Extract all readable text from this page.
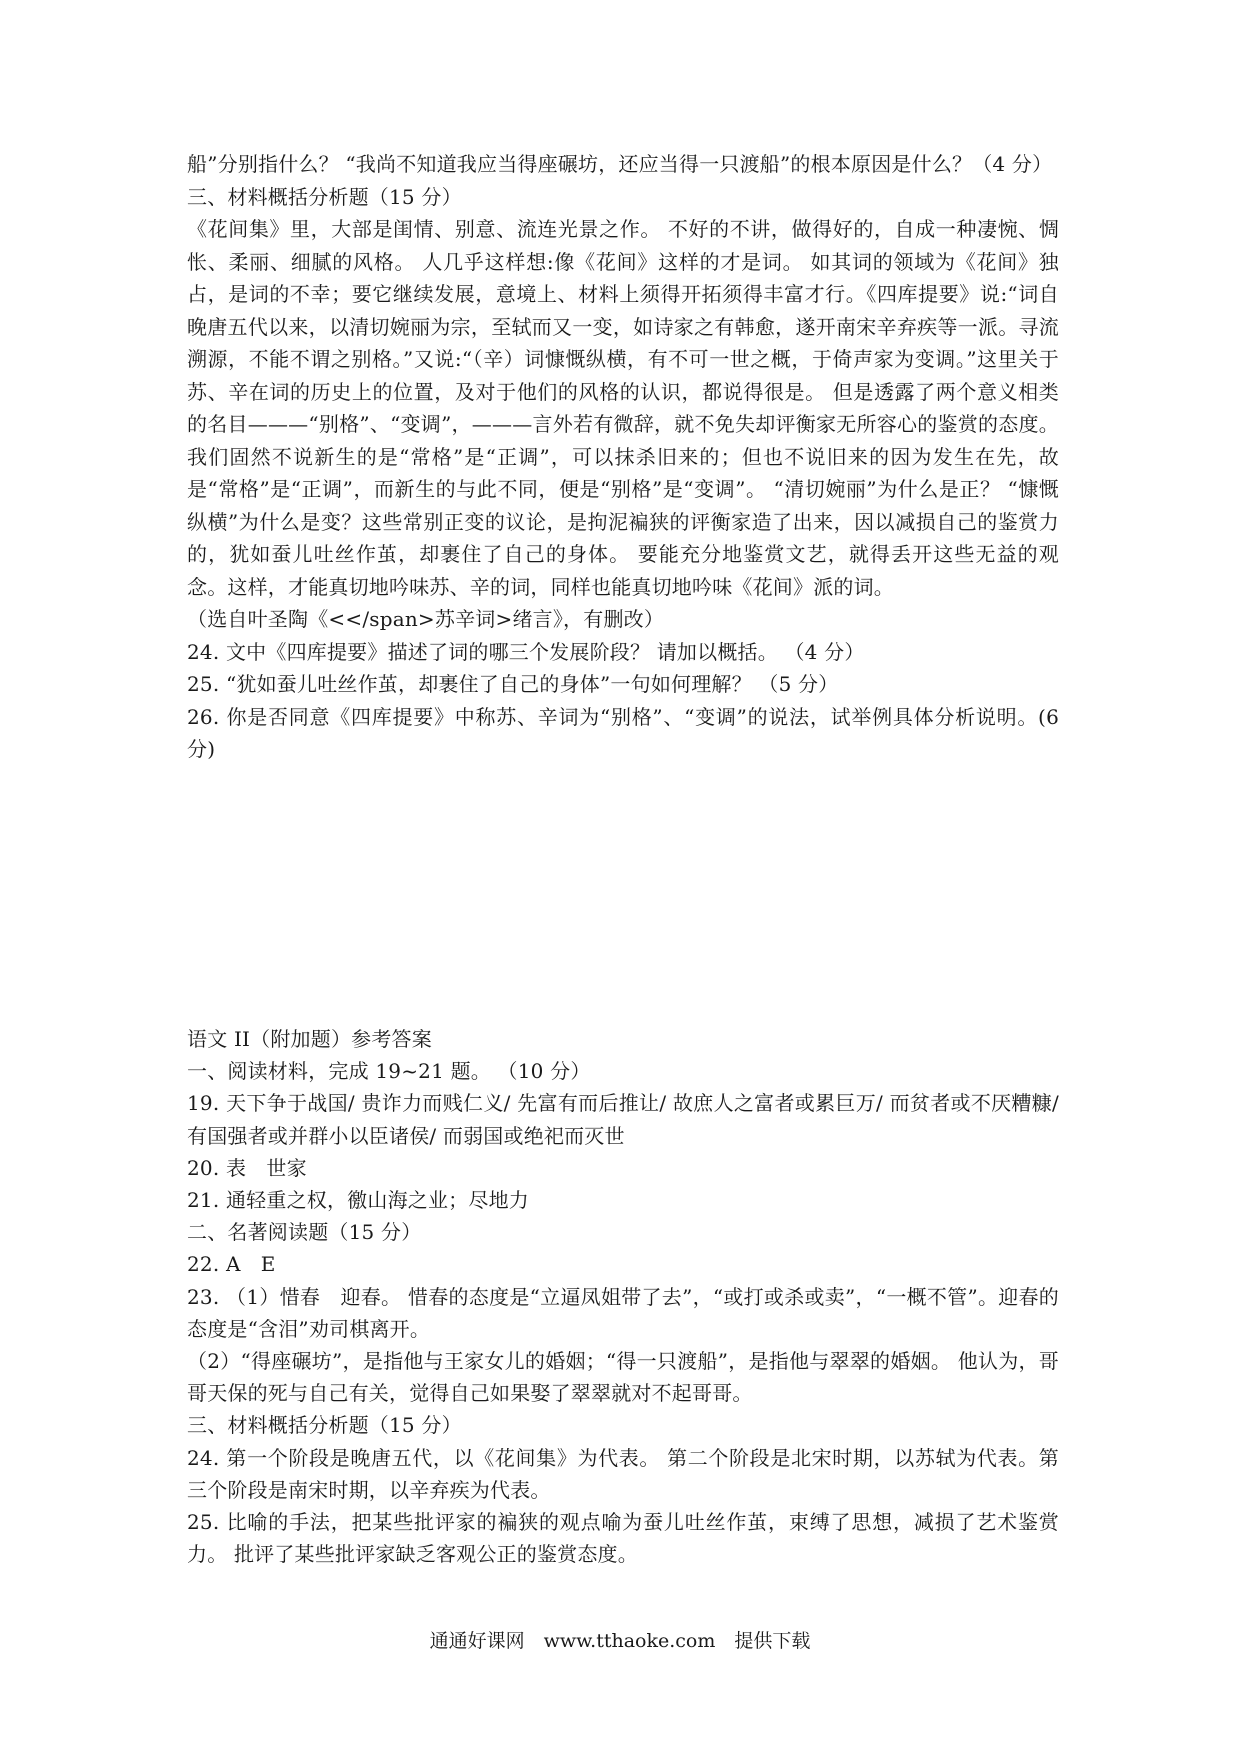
船”分别指什么？ “我尚不知道我应当得座碾坊，还应当得一只渡船”的根本原因是什么？（4 分）

三、材料概括分析题（15 分）

《花间集》里，大部是闺情、别意、流连光景之作。 不好的不讲，做得好的，自成一种凄惋、惆怅、柔丽、细腻的风格。 人几乎这样想:像《花间》这样的才是词。 如其词的领域为《花间》独占，是词的不幸；要它继续发展，意境上、材料上须得开拓须得丰富才行。《四库提要》说:“词自晚唐五代以来，以清切婉丽为宗，至轼而又一变，如诗家之有韩愈，遂开南宋辛弃疾等一派。寻流溯源，不能不谓之别格。”又说:“（辛）词慷慨纵横，有不可一世之概，于倚声家为变调。”这里关于苏、辛在词的历史上的位置，及对于他们的风格的认识，都说得很是。 但是透露了两个意义相类的名目———“别格”、“变调”，———言外若有微辞，就不免失却评衡家无所容心的鉴赏的态度。 我们固然不说新生的是“常格”是“正调”，可以抹杀旧来的；但也不说旧来的因为发生在先，故是“常格”是“正调”，而新生的与此不同，便是“别格”是“变调”。 “清切婉丽”为什么是正？ “慷慨纵横”为什么是变？这些常别正变的议论，是拘泥褊狭的评衡家造了出来，因以减损自己的鉴赏力的，犹如蚕儿吐丝作茧，却裹住了自己的身体。 要能充分地鉴赏文艺，就得丢开这些无益的观念。这样，才能真切地吟味苏、辛的词，同样也能真切地吟味《花间》派的词。

（选自叶圣陶《<</span>苏辛词>绪言》，有删改）

24. 文中《四库提要》描述了词的哪三个发展阶段？ 请加以概括。 （4 分）

25. “犹如蚕儿吐丝作茧，却裹住了自己的身体”一句如何理解？ （5 分）

26. 你是否同意《四库提要》中称苏、辛词为“别格”、“变调”的说法，试举例具体分析说明。(6 分)

语文 II（附加题）参考答案

一、阅读材料，完成 19~21 题。 （10 分）

19. 天下争于战国/ 贵诈力而贱仁义/ 先富有而后推让/ 故庶人之富者或累巨万/ 而贫者或不厌糟糠/ 有国强者或并群小以臣诸侯/ 而弱国或绝祀而灭世

20. 表　世家

21. 通轻重之权，徼山海之业；尽地力

二、名著阅读题（15 分）

22. A　E

23. （1）惜春　迎春。 惜春的态度是“立逼凤姐带了去”，“或打或杀或卖”，“一概不管”。迎春的态度是“含泪”劝司棋离开。

（2）“得座碾坊”，是指他与王家女儿的婚姻；“得一只渡船”，是指他与翠翠的婚姻。 他认为，哥哥天保的死与自己有关，觉得自己如果娶了翠翠就对不起哥哥。

三、材料概括分析题（15 分）

24. 第一个阶段是晚唐五代，以《花间集》为代表。 第二个阶段是北宋时期，以苏轼为代表。第三个阶段是南宋时期，以辛弃疾为代表。

25. 比喻的手法，把某些批评家的褊狭的观点喻为蚕儿吐丝作茧，束缚了思想，减损了艺术鉴赏力。 批评了某些批评家缺乏客观公正的鉴赏态度。

通通好课网　www.tthaoke.com　提供下载
